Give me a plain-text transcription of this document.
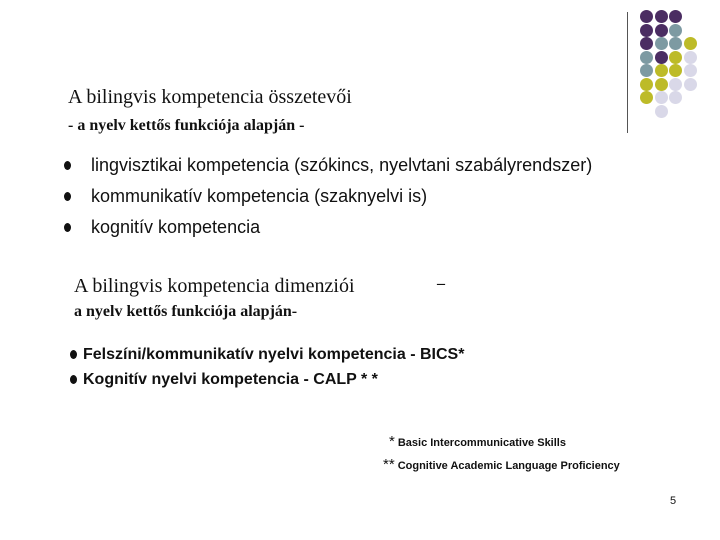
A bilingvis kompetencia összetevői
- a nyelv kettős funkciója alapján -
lingvisztikai kompetencia (szókincs, nyelvtani szabályrendszer)
kommunikatív kompetencia (szaknyelvi is)
kognitív kompetencia
A bilingvis kompetencia dimenziói	–
a nyelv kettős funkciója alapján-
Felszíni/kommunikatív nyelvi kompetencia - BICS*
Kognitív nyelvi kompetencia - CALP * *
* Basic Intercommunicative Skills
** Cognitive Academic Language Proficiency
5
